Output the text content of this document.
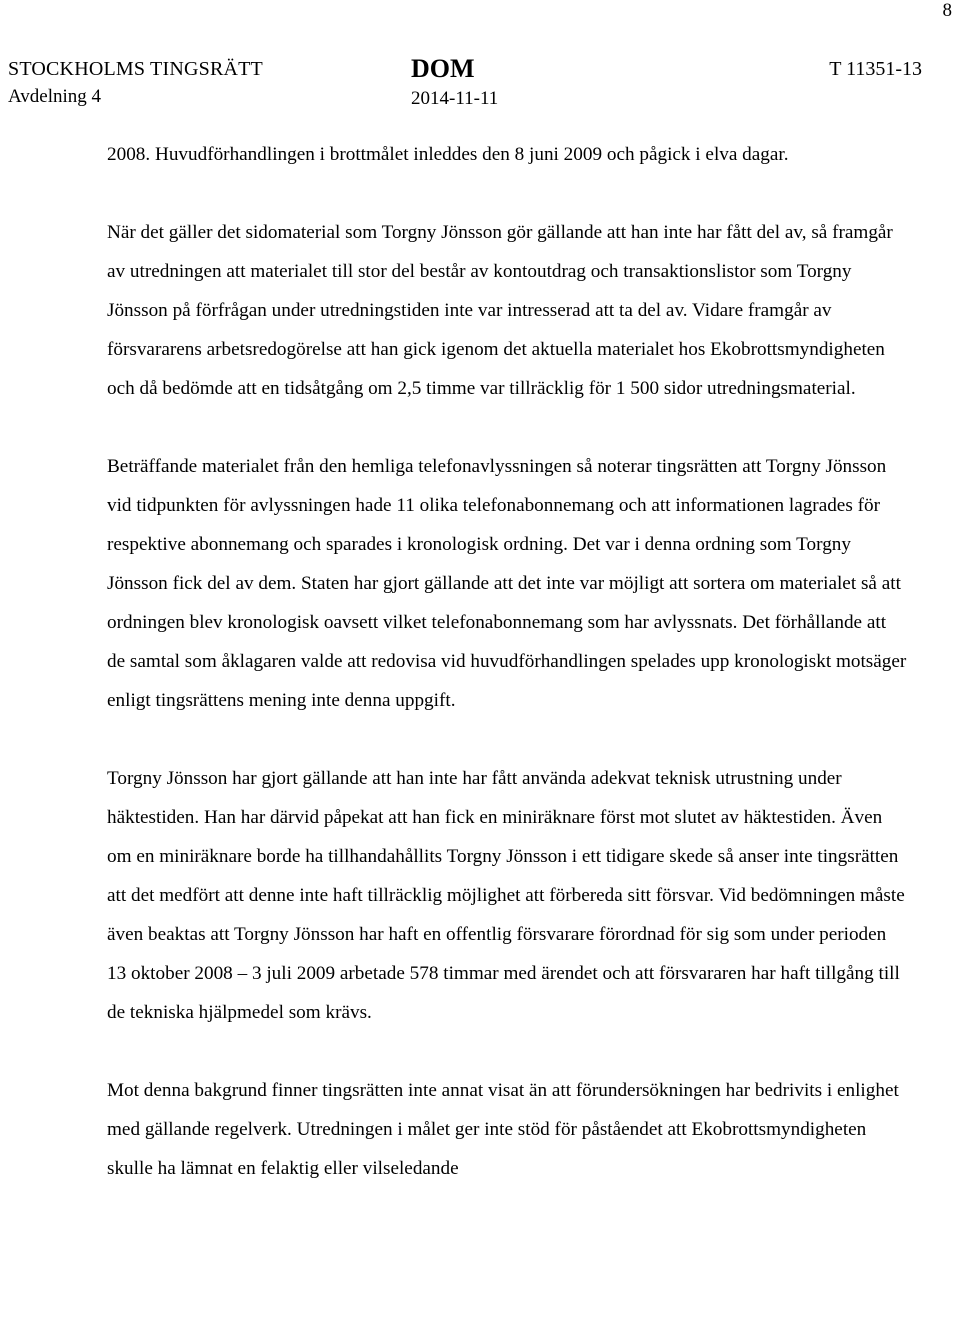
8
STOCKHOLMS TINGSRÄTT
Avdelning 4
DOM
2014-11-11
T 11351-13

2008. Huvudförhandlingen i brottmålet inleddes den 8 juni 2009 och pågick i elva dagar.

När det gäller det sidomaterial som Torgny Jönsson gör gällande att han inte har fått del av, så framgår av utredningen att materialet till stor del består av kontoutdrag och transaktionslistor som Torgny Jönsson på förfrågan under utredningstiden inte var intresserad att ta del av. Vidare framgår av försvararens arbetsredogörelse att han gick igenom det aktuella materialet hos Ekobrottsmyndigheten och då bedömde att en tidsåtgång om 2,5 timme var tillräcklig för 1 500 sidor utredningsmaterial.

Beträffande materialet från den hemliga telefonavlyssningen så noterar tingsrätten att Torgny Jönsson vid tidpunkten för avlyssningen hade 11 olika telefonabonnemang och att informationen lagrades för respektive abonnemang och sparades i kronologisk ordning. Det var i denna ordning som Torgny Jönsson fick del av dem. Staten har gjort gällande att det inte var möjligt att sortera om materialet så att ordningen blev kronologisk oavsett vilket telefonabonnemang som har avlyssnats. Det förhållande att de samtal som åklagaren valde att redovisa vid huvudförhandlingen spelades upp kronologiskt motsäger enligt tingsrättens mening inte denna uppgift.

Torgny Jönsson har gjort gällande att han inte har fått använda adekvat teknisk utrustning under häktestiden. Han har därvid påpekat att han fick en miniräknare först mot slutet av häktestiden. Även om en miniräknare borde ha tillhandahållits Torgny Jönsson i ett tidigare skede så anser inte tingsrätten att det medfört att denne inte haft tillräcklig möjlighet att förbereda sitt försvar. Vid bedömningen måste även beaktas att Torgny Jönsson har haft en offentlig försvarare förordnad för sig som under perioden 13 oktober 2008 – 3 juli 2009 arbetade 578 timmar med ärendet och att försvararen har haft tillgång till de tekniska hjälpmedel som krävs.

Mot denna bakgrund finner tingsrätten inte annat visat än att förundersökningen har bedrivits i enlighet med gällande regelverk. Utredningen i målet ger inte stöd för påståendet att Ekobrottsmyndigheten skulle ha lämnat en felaktig eller vilseledande
